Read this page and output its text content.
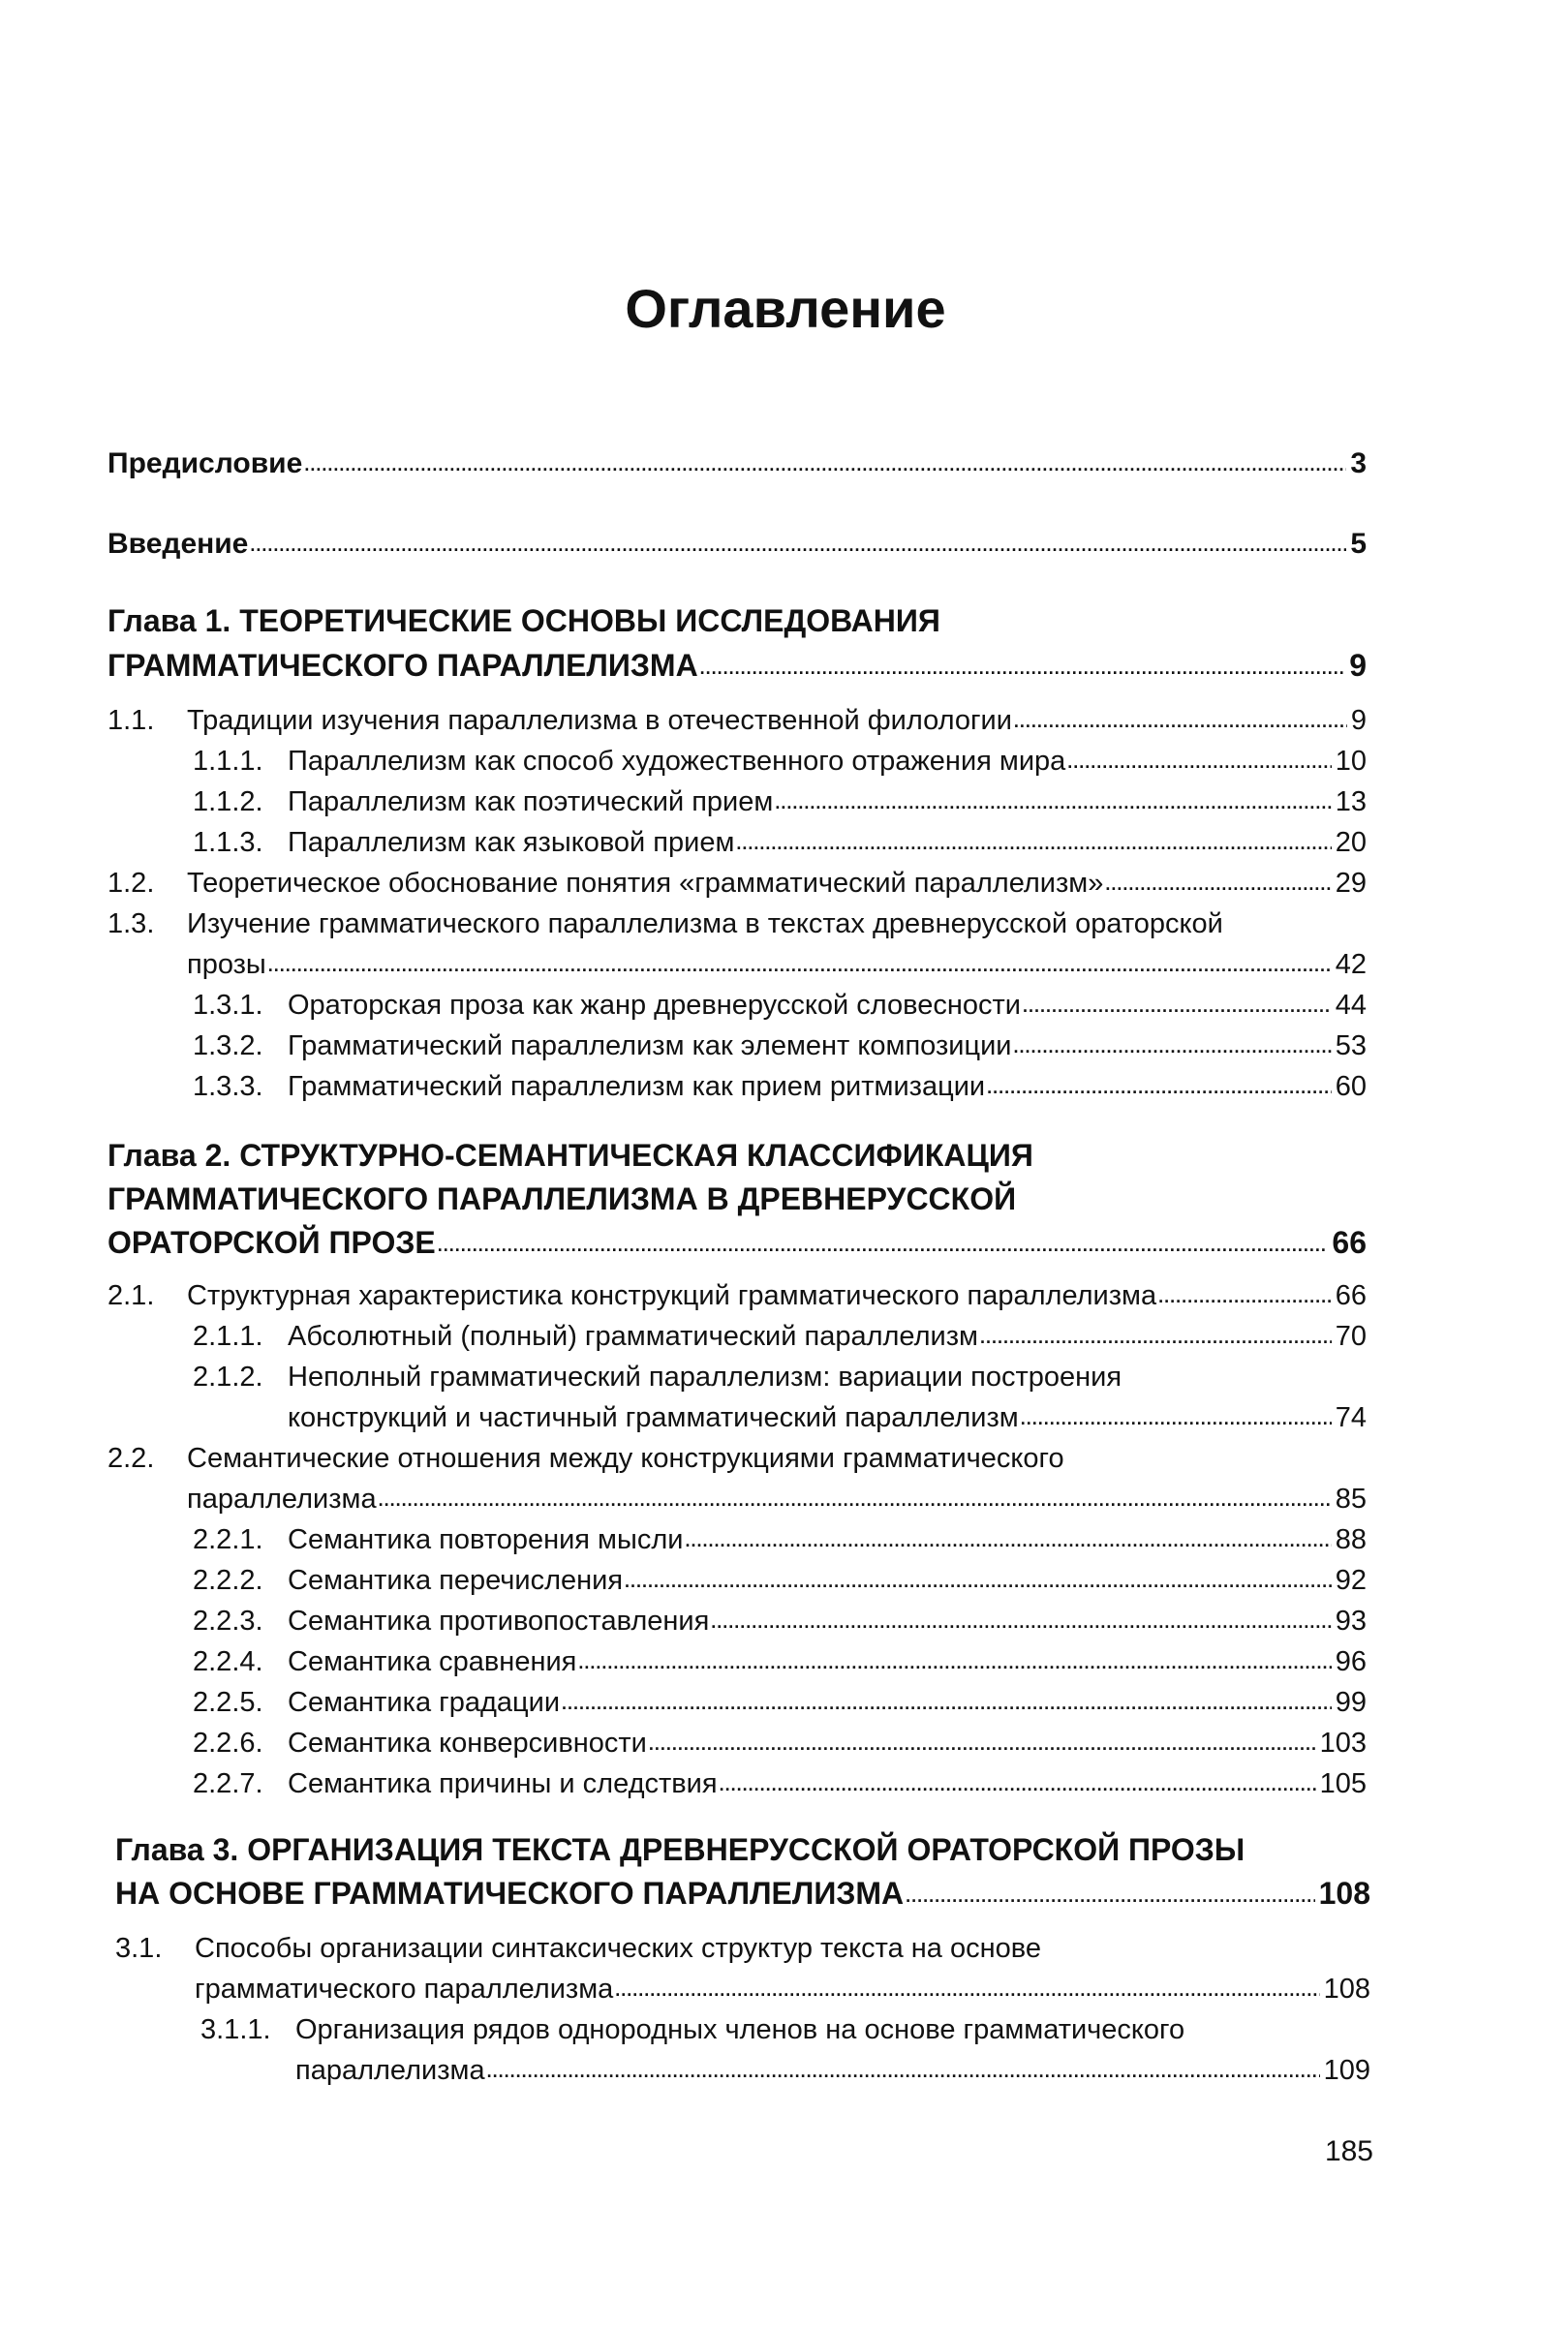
Оглавление
Предисловие .....	3
Введение .....	5
Глава 1. ТЕОРЕТИЧЕСКИЕ ОСНОВЫ ИССЛЕДОВАНИЯ
ГРАММАТИЧЕСКОГО ПАРАЛЛЕЛИЗМА .....	9
1.1.	Традиции изучения параллелизма в отечественной филологии .....	9
1.1.1. Параллелизм как способ художественного отражения мира .....	10
1.1.2. Параллелизм как поэтический прием .....	13
1.1.3. Параллелизм как языковой прием .....	20
1.2.	Теоретическое обоснование понятия «грамматический параллелизм» .....	29
1.3. Изучение грамматического параллелизма в текстах древнерусской ораторской
прозы .....	42
1.3.1. Ораторская проза как жанр древнерусской словесности .....	44
1.3.2. Грамматический параллелизм как элемент композиции .....	53
1.3.3. Грамматический параллелизм как прием ритмизации .....	60
Глава 2. СТРУКТУРНО-СЕМАНТИЧЕСКАЯ КЛАССИФИКАЦИЯ
ГРАММАТИЧЕСКОГО ПАРАЛЛЕЛИЗМА В ДРЕВНЕРУССКОЙ
ОРАТОРСКОЙ ПРОЗЕ .....	66
2.1.	Структурная характеристика конструкций грамматического параллелизма .....	66
2.1.1. Абсолютный (полный) грамматический параллелизм .....	70
2.1.2. Неполный грамматический параллелизм: вариации построения
конструкций и частичный грамматический параллелизм .....	74
2.2. Семантические отношения между конструкциями грамматического
параллелизма .....	85
2.2.1. Семантика повторения мысли .....	88
2.2.2. Семантика перечисления .....	92
2.2.3. Семантика противопоставления .....	93
2.2.4. Семантика сравнения .....	96
2.2.5. Семантика градации .....	99
2.2.6. Семантика конверсивности .....	103
2.2.7. Семантика причины и следствия .....	105
Глава 3. ОРГАНИЗАЦИЯ ТЕКСТА ДРЕВНЕРУССКОЙ ОРАТОРСКОЙ ПРОЗЫ
НА ОСНОВЕ ГРАММАТИЧЕСКОГО ПАРАЛЛЕЛИЗМА .....	108
3.1. Способы организации синтаксических структур текста на основе
грамматического параллелизма .....	108
3.1.1. Организация рядов однородных членов на основе грамматического
параллелизма .....	109
185
